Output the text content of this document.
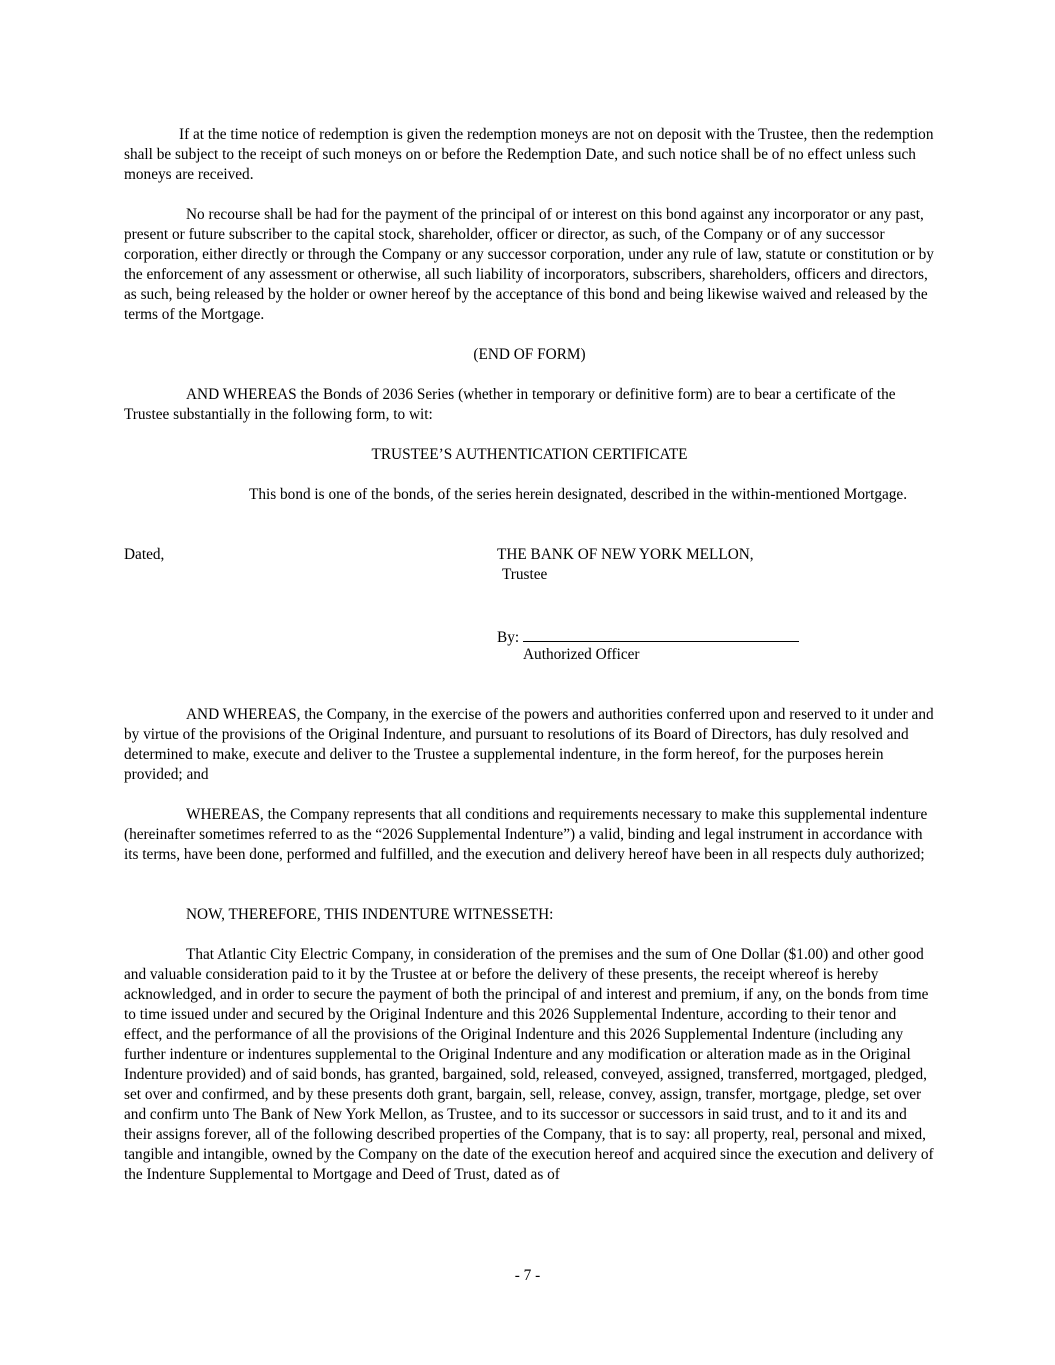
If at the time notice of redemption is given the redemption moneys are not on deposit with the Trustee, then the redemption shall be subject to the receipt of such moneys on or before the Redemption Date, and such notice shall be of no effect unless such moneys are received.

No recourse shall be had for the payment of the principal of or interest on this bond against any incorporator or any past, present or future subscriber to the capital stock, shareholder, officer or director, as such, of the Company or of any successor corporation, either directly or through the Company or any successor corporation, under any rule of law, statute or constitution or by the enforcement of any assessment or otherwise, all such liability of incorporators, subscribers, shareholders, officers and directors, as such, being released by the holder or owner hereof by the acceptance of this bond and being likewise waived and released by the terms of the Mortgage.

(END OF FORM)

AND WHEREAS the Bonds of 2036 Series (whether in temporary or definitive form) are to bear a certificate of the Trustee substantially in the following form, to wit:

TRUSTEE’S AUTHENTICATION CERTIFICATE

This bond is one of the bonds, of the series herein designated, described in the within-mentioned Mortgage.

Dated,	THE BANK OF NEW YORK MELLON,
Trustee
By:
Authorized Officer

AND WHEREAS, the Company, in the exercise of the powers and authorities conferred upon and reserved to it under and by virtue of the provisions of the Original Indenture, and pursuant to resolutions of its Board of Directors, has duly resolved and determined to make, execute and deliver to the Trustee a supplemental indenture, in the form hereof, for the purposes herein provided; and

WHEREAS, the Company represents that all conditions and requirements necessary to make this supplemental indenture (hereinafter sometimes referred to as the “2026 Supplemental Indenture”) a valid, binding and legal instrument in accordance with its terms, have been done, performed and fulfilled, and the execution and delivery hereof have been in all respects duly authorized;

NOW, THEREFORE, THIS INDENTURE WITNESSETH:

That Atlantic City Electric Company, in consideration of the premises and the sum of One Dollar ($1.00) and other good and valuable consideration paid to it by the Trustee at or before the delivery of these presents, the receipt whereof is hereby acknowledged, and in order to secure the payment of both the principal of and interest and premium, if any, on the bonds from time to time issued under and secured by the Original Indenture and this 2026 Supplemental Indenture, according to their tenor and effect, and the performance of all the provisions of the Original Indenture and this 2026 Supplemental Indenture (including any further indenture or indentures supplemental to the Original Indenture and any modification or alteration made as in the Original Indenture provided) and of said bonds, has granted, bargained, sold, released, conveyed, assigned, transferred, mortgaged, pledged, set over and confirmed, and by these presents doth grant, bargain, sell, release, convey, assign, transfer, mortgage, pledge, set over and confirm unto The Bank of New York Mellon, as Trustee, and to its successor or successors in said trust, and to it and its and their assigns forever, all of the following described properties of the Company, that is to say: all property, real, personal and mixed, tangible and intangible, owned by the Company on the date of the execution hereof and acquired since the execution and delivery of the Indenture Supplemental to Mortgage and Deed of Trust, dated as of

- 7 -
